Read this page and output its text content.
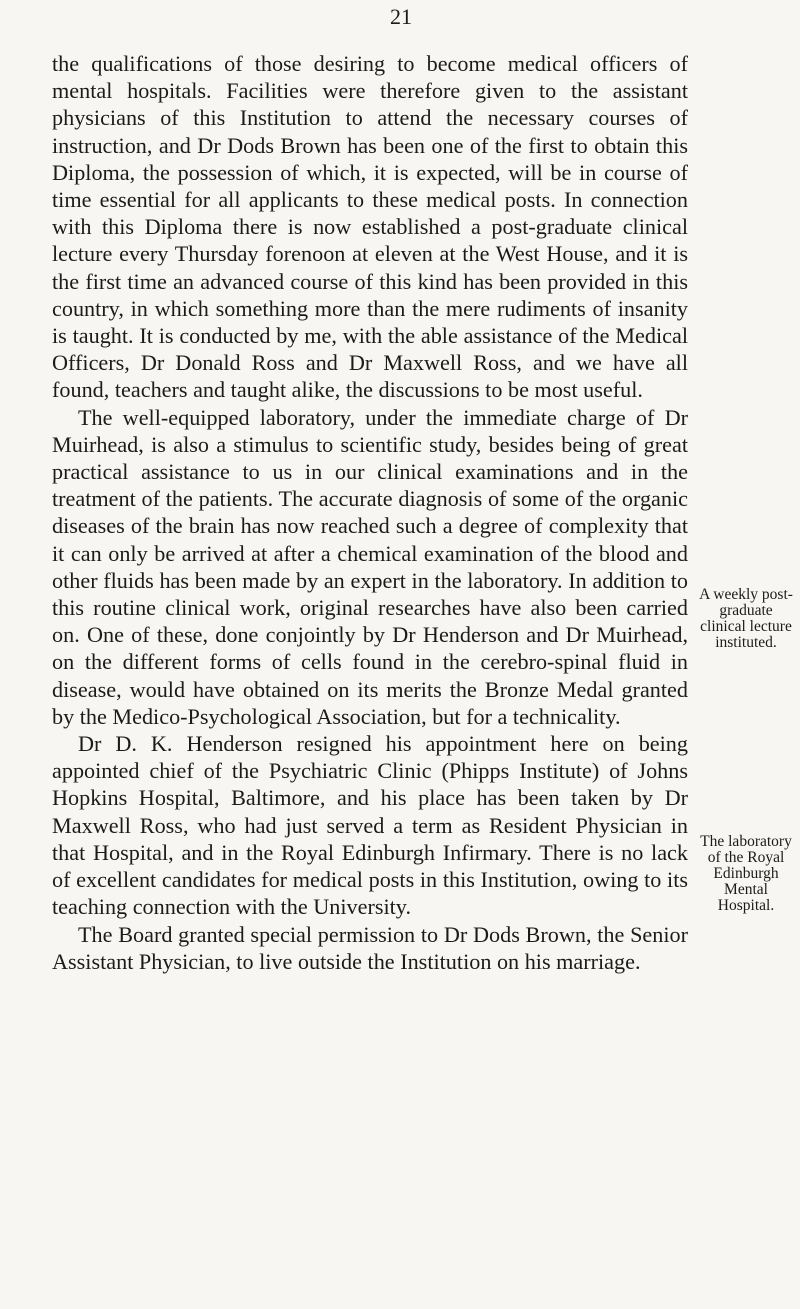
21

the qualifications of those desiring to become medical officers of mental hospitals. Facilities were therefore given to the assistant physicians of this Institution to attend the necessary courses of instruction, and Dr Dods Brown has been one of the first to obtain this Diploma, the possession of which, it is expected, will be in course of time essential for all applicants to these medical posts. In connection with this Diploma there is now established a post-graduate clinical lecture every Thursday forenoon at eleven at the West House, and it is the first time an advanced course of this kind has been provided in this country, in which something more than the mere rudiments of insanity is taught. It is conducted by me, with the able assistance of the Medical Officers, Dr Donald Ross and Dr Maxwell Ross, and we have all found, teachers and taught alike, the discussions to be most useful.

The well-equipped laboratory, under the immediate charge of Dr Muirhead, is also a stimulus to scientific study, besides being of great practical assistance to us in our clinical examinations and in the treatment of the patients. The accurate diagnosis of some of the organic diseases of the brain has now reached such a degree of complexity that it can only be arrived at after a chemical examination of the blood and other fluids has been made by an expert in the laboratory. In addition to this routine clinical work, original researches have also been carried on. One of these, done conjointly by Dr Henderson and Dr Muirhead, on the different forms of cells found in the cerebro-spinal fluid in disease, would have obtained on its merits the Bronze Medal granted by the Medico-Psychological Association, but for a technicality.

Dr D. K. Henderson resigned his appointment here on being appointed chief of the Psychiatric Clinic (Phipps Institute) of Johns Hopkins Hospital, Baltimore, and his place has been taken by Dr Maxwell Ross, who had just served a term as Resident Physician in that Hospital, and in the Royal Edinburgh Infirmary. There is no lack of excellent candidates for medical posts in this Institution, owing to its teaching connection with the University.

The Board granted special permission to Dr Dods Brown, the Senior Assistant Physician, to live outside the Institution on his marriage.

A weekly post-graduate clinical lecture instituted.
The laboratory of the Royal Edinburgh Mental Hospital.
